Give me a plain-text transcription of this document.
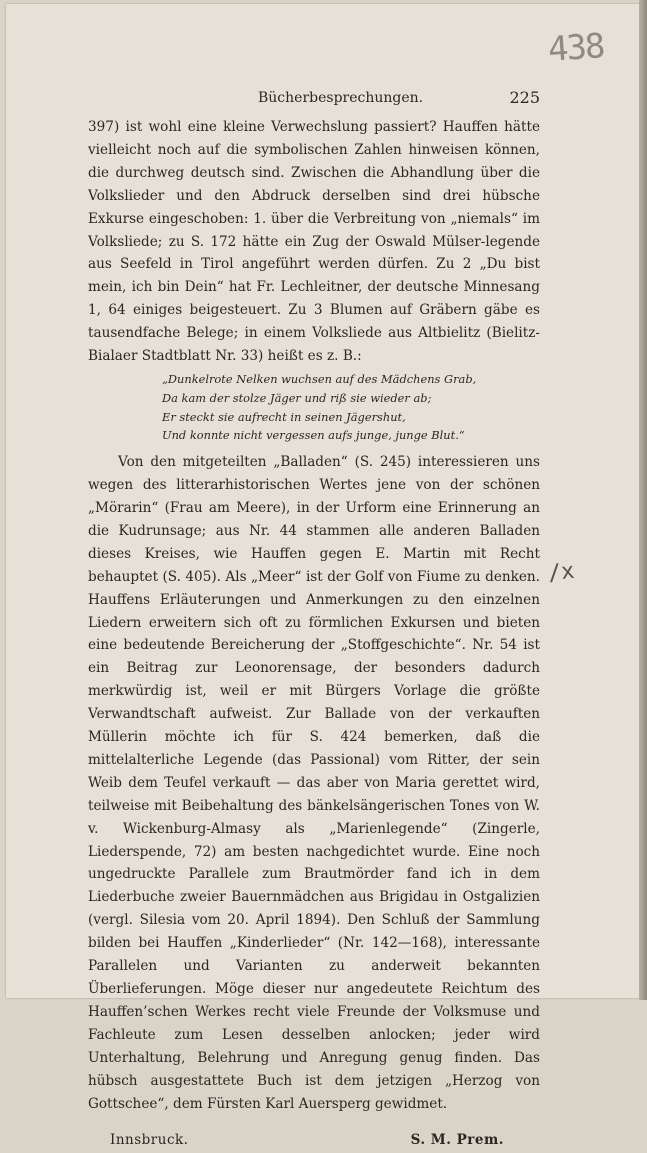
438
Bücherbesprechungen.	225

397) ist wohl eine kleine Verwechslung passiert? Hauffen hätte vielleicht noch auf die symbolischen Zahlen hinweisen können, die durchweg deutsch sind. Zwischen die Abhandlung über die Volkslieder und den Abdruck derselben sind drei hübsche Exkurse eingeschoben: 1. über die Verbreitung von „niemals“ im Volksliede; zu S. 172 hätte ein Zug der Oswald Mülser-legende aus Seefeld in Tirol angeführt werden dürfen. Zu 2 „Du bist mein, ich bin Dein“ hat Fr. Lechleitner, der deutsche Minnesang 1, 64 einiges beigesteuert. Zu 3 Blumen auf Gräbern gäbe es tausendfache Belege; in einem Volksliede aus Altbielitz (Bielitz-Bialaer Stadtblatt Nr. 33) heißt es z. B.:

„Dunkelrote Nelken wuchsen auf des Mädchens Grab,
Da kam der stolze Jäger und riß sie wieder ab;
Er steckt sie aufrecht in seinen Jägershut,
Und konnte nicht vergessen aufs junge, junge Blut.“

Von den mitgeteilten „Balladen“ (S. 245) interessieren uns wegen des litterarhistorischen Wertes jene von der schönen „Mörarin“ (Frau am Meere), in der Urform eine Erinnerung an die Kudrunsage; aus Nr. 44 stammen alle anderen Balladen dieses Kreises, wie Hauffen gegen E. Martin mit Recht behauptet (S. 405). Als „Meer“ ist der Golf von Fiume zu denken. Hauffens Erläuterungen und Anmerkungen zu den einzelnen Liedern erweitern sich oft zu förmlichen Exkursen und bieten eine bedeutende Bereicherung der „Stoffgeschichte“. Nr. 54 ist ein Beitrag zur Leonorensage, der besonders dadurch merkwürdig ist, weil er mit Bürgers Vorlage die größte Verwandtschaft aufweist. Zur Ballade von der verkauften Müllerin möchte ich für S. 424 bemerken, daß die mittelalterliche Legende (das Passional) vom Ritter, der sein Weib dem Teufel verkauft — das aber von Maria gerettet wird, teilweise mit Beibehaltung des bänkelsängerischen Tones von W. v. Wickenburg-Almasy als „Marienlegende“ (Zingerle, Liederspende, 72) am besten nachgedichtet wurde. Eine noch ungedruckte Parallele zum Brautmörder fand ich in dem Liederbuche zweier Bauernmädchen aus Brigidau in Ostgalizien (vergl. Silesia vom 20. April 1894). Den Schluß der Sammlung bilden bei Hauffen „Kinderlieder“ (Nr. 142—168), interessante Parallelen und Varianten zu anderweit bekannten Überlieferungen. Möge dieser nur angedeutete Reichtum des Hauffen’schen Werkes recht viele Freunde der Volksmuse und Fachleute zum Lesen desselben anlocken; jeder wird Unterhaltung, Belehrung und Anregung genug finden. Das hübsch ausgestattete Buch ist dem jetzigen „Herzog von Gottschee“, dem Fürsten Karl Auersperg gewidmet.

Innsbruck.	S. M. Prem.
/x
